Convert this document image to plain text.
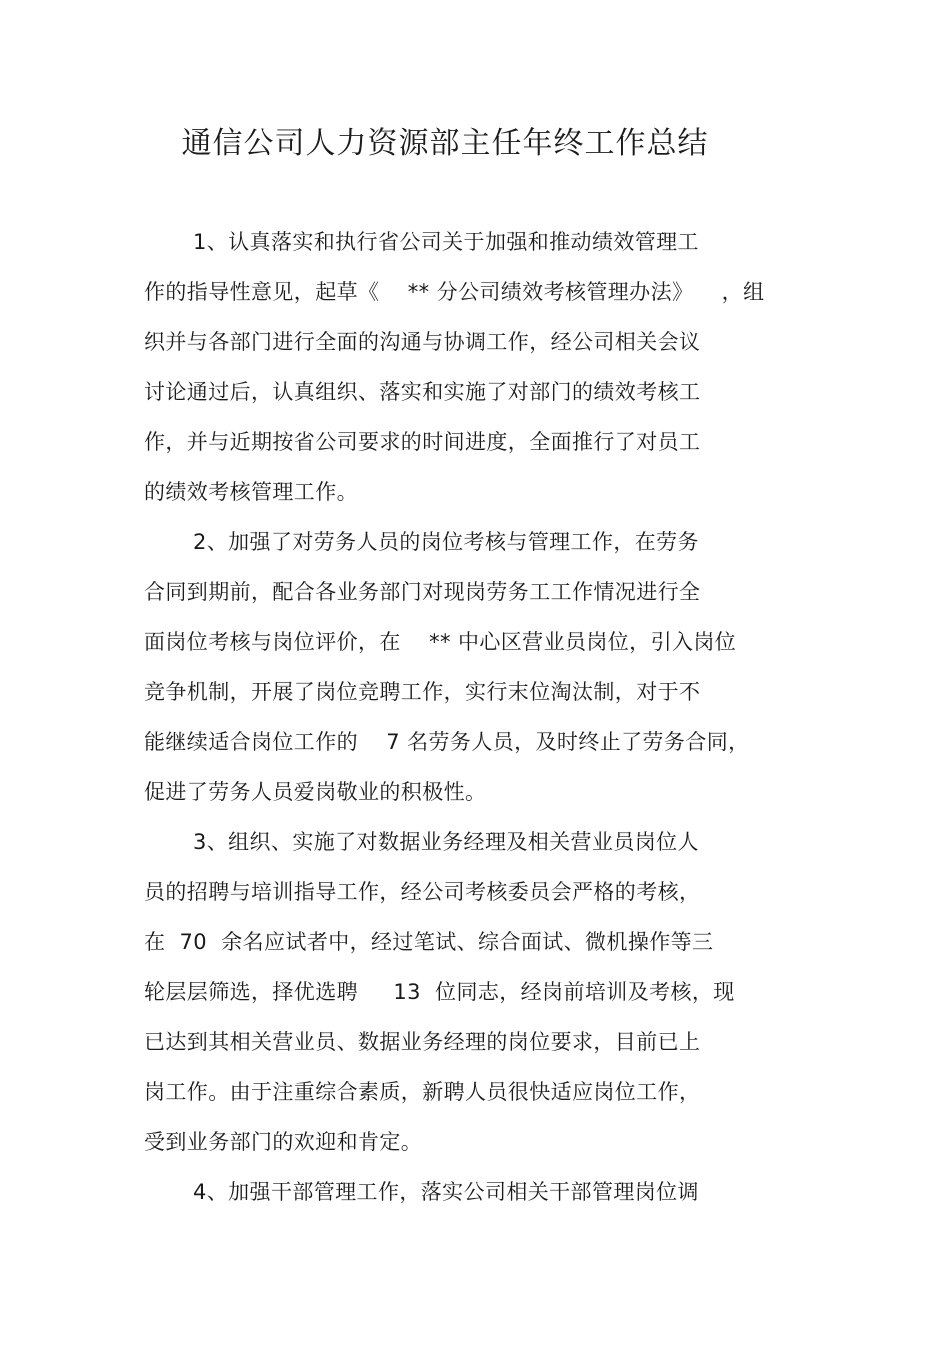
通信公司人力资源部主任年终工作总结
1、认真落实和执行省公司关于加强和推动绩效管理工
作的指导性意见，起草《    ** 分公司绩效考核管理办法》    ，组
织并与各部门进行全面的沟通与协调工作，经公司相关会议
讨论通过后，认真组织、落实和实施了对部门的绩效考核工
作，并与近期按省公司要求的时间进度，全面推行了对员工
的绩效考核管理工作。
2、加强了对劳务人员的岗位考核与管理工作，在劳务
合同到期前，配合各业务部门对现岗劳务工工作情况进行全
面岗位考核与岗位评价，在    ** 中心区营业员岗位，引入岗位
竞争机制，开展了岗位竞聘工作，实行末位淘汰制，对于不
能继续适合岗位工作的    7 名劳务人员，及时终止了劳务合同，
促进了劳务人员爱岗敬业的积极性。
3、组织、实施了对数据业务经理及相关营业员岗位人
员的招聘与培训指导工作，经公司考核委员会严格的考核，
在  70  余名应试者中，经过笔试、综合面试、微机操作等三
轮层层筛选，择优选聘     13  位同志，经岗前培训及考核，现
已达到其相关营业员、数据业务经理的岗位要求，目前已上
岗工作。由于注重综合素质，新聘人员很快适应岗位工作，
受到业务部门的欢迎和肯定。
4、加强干部管理工作，落实公司相关干部管理岗位调
